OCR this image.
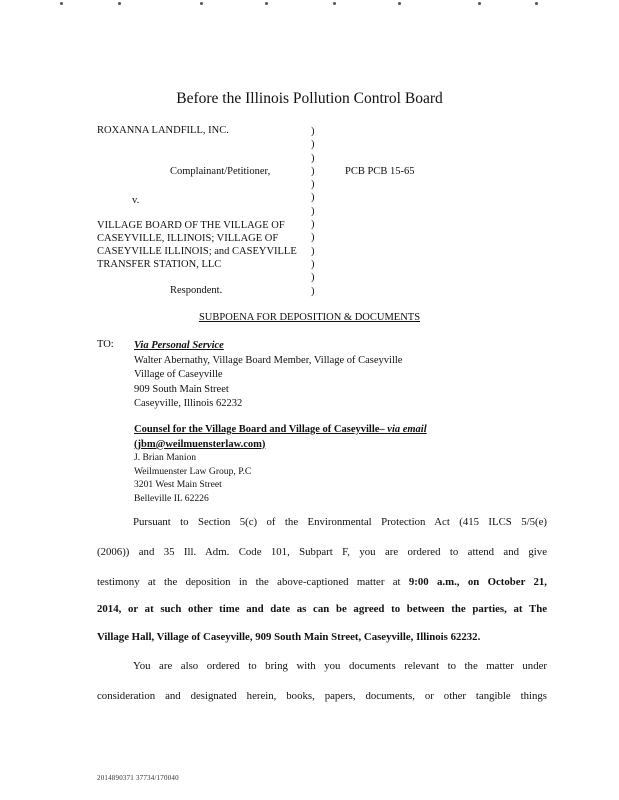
Before the Illinois Pollution Control Board
ROXANNA LANDFILL, INC.
Complainant/Petitioner,
v.
VILLAGE BOARD OF THE VILLAGE OF
CASEYVILLE, ILLINOIS; VILLAGE OF
CASEYVILLE ILLINOIS; and CASEYVILLE
TRANSFER STATION, LLC
Respondent.
)
)
)
)
)
)
)
)
)
)
)
)
)
PCB PCB 15-65
SUBPOENA FOR DEPOSITION & DOCUMENTS
TO: Via Personal Service
Walter Abernathy, Village Board Member, Village of Caseyville
Village of Caseyville
909 South Main Street
Caseyville, Illinois 62232
Counsel for the Village Board and Village of Caseyville– via email
(jbm@weilmuensterlaw.com)
J. Brian Manion
Weilmuenster Law Group, P.C
3201 West Main Street
Belleville IL 62226
Pursuant to Section 5(c) of the Environmental Protection Act (415 ILCS 5/5(e)
(2006)) and 35 Ill. Adm. Code 101, Subpart F, you are ordered to attend and give
testimony at the deposition in the above-captioned matter at 9:00 a.m., on October 21,
2014, or at such other time and date as can be agreed to between the parties, at The
Village Hall, Village of Caseyville, 909 South Main Street, Caseyville, Illinois 62232.
You are also ordered to bring with you documents relevant to the matter under
consideration and designated herein, books, papers, documents, or other tangible things
2014890371 37734/170040
